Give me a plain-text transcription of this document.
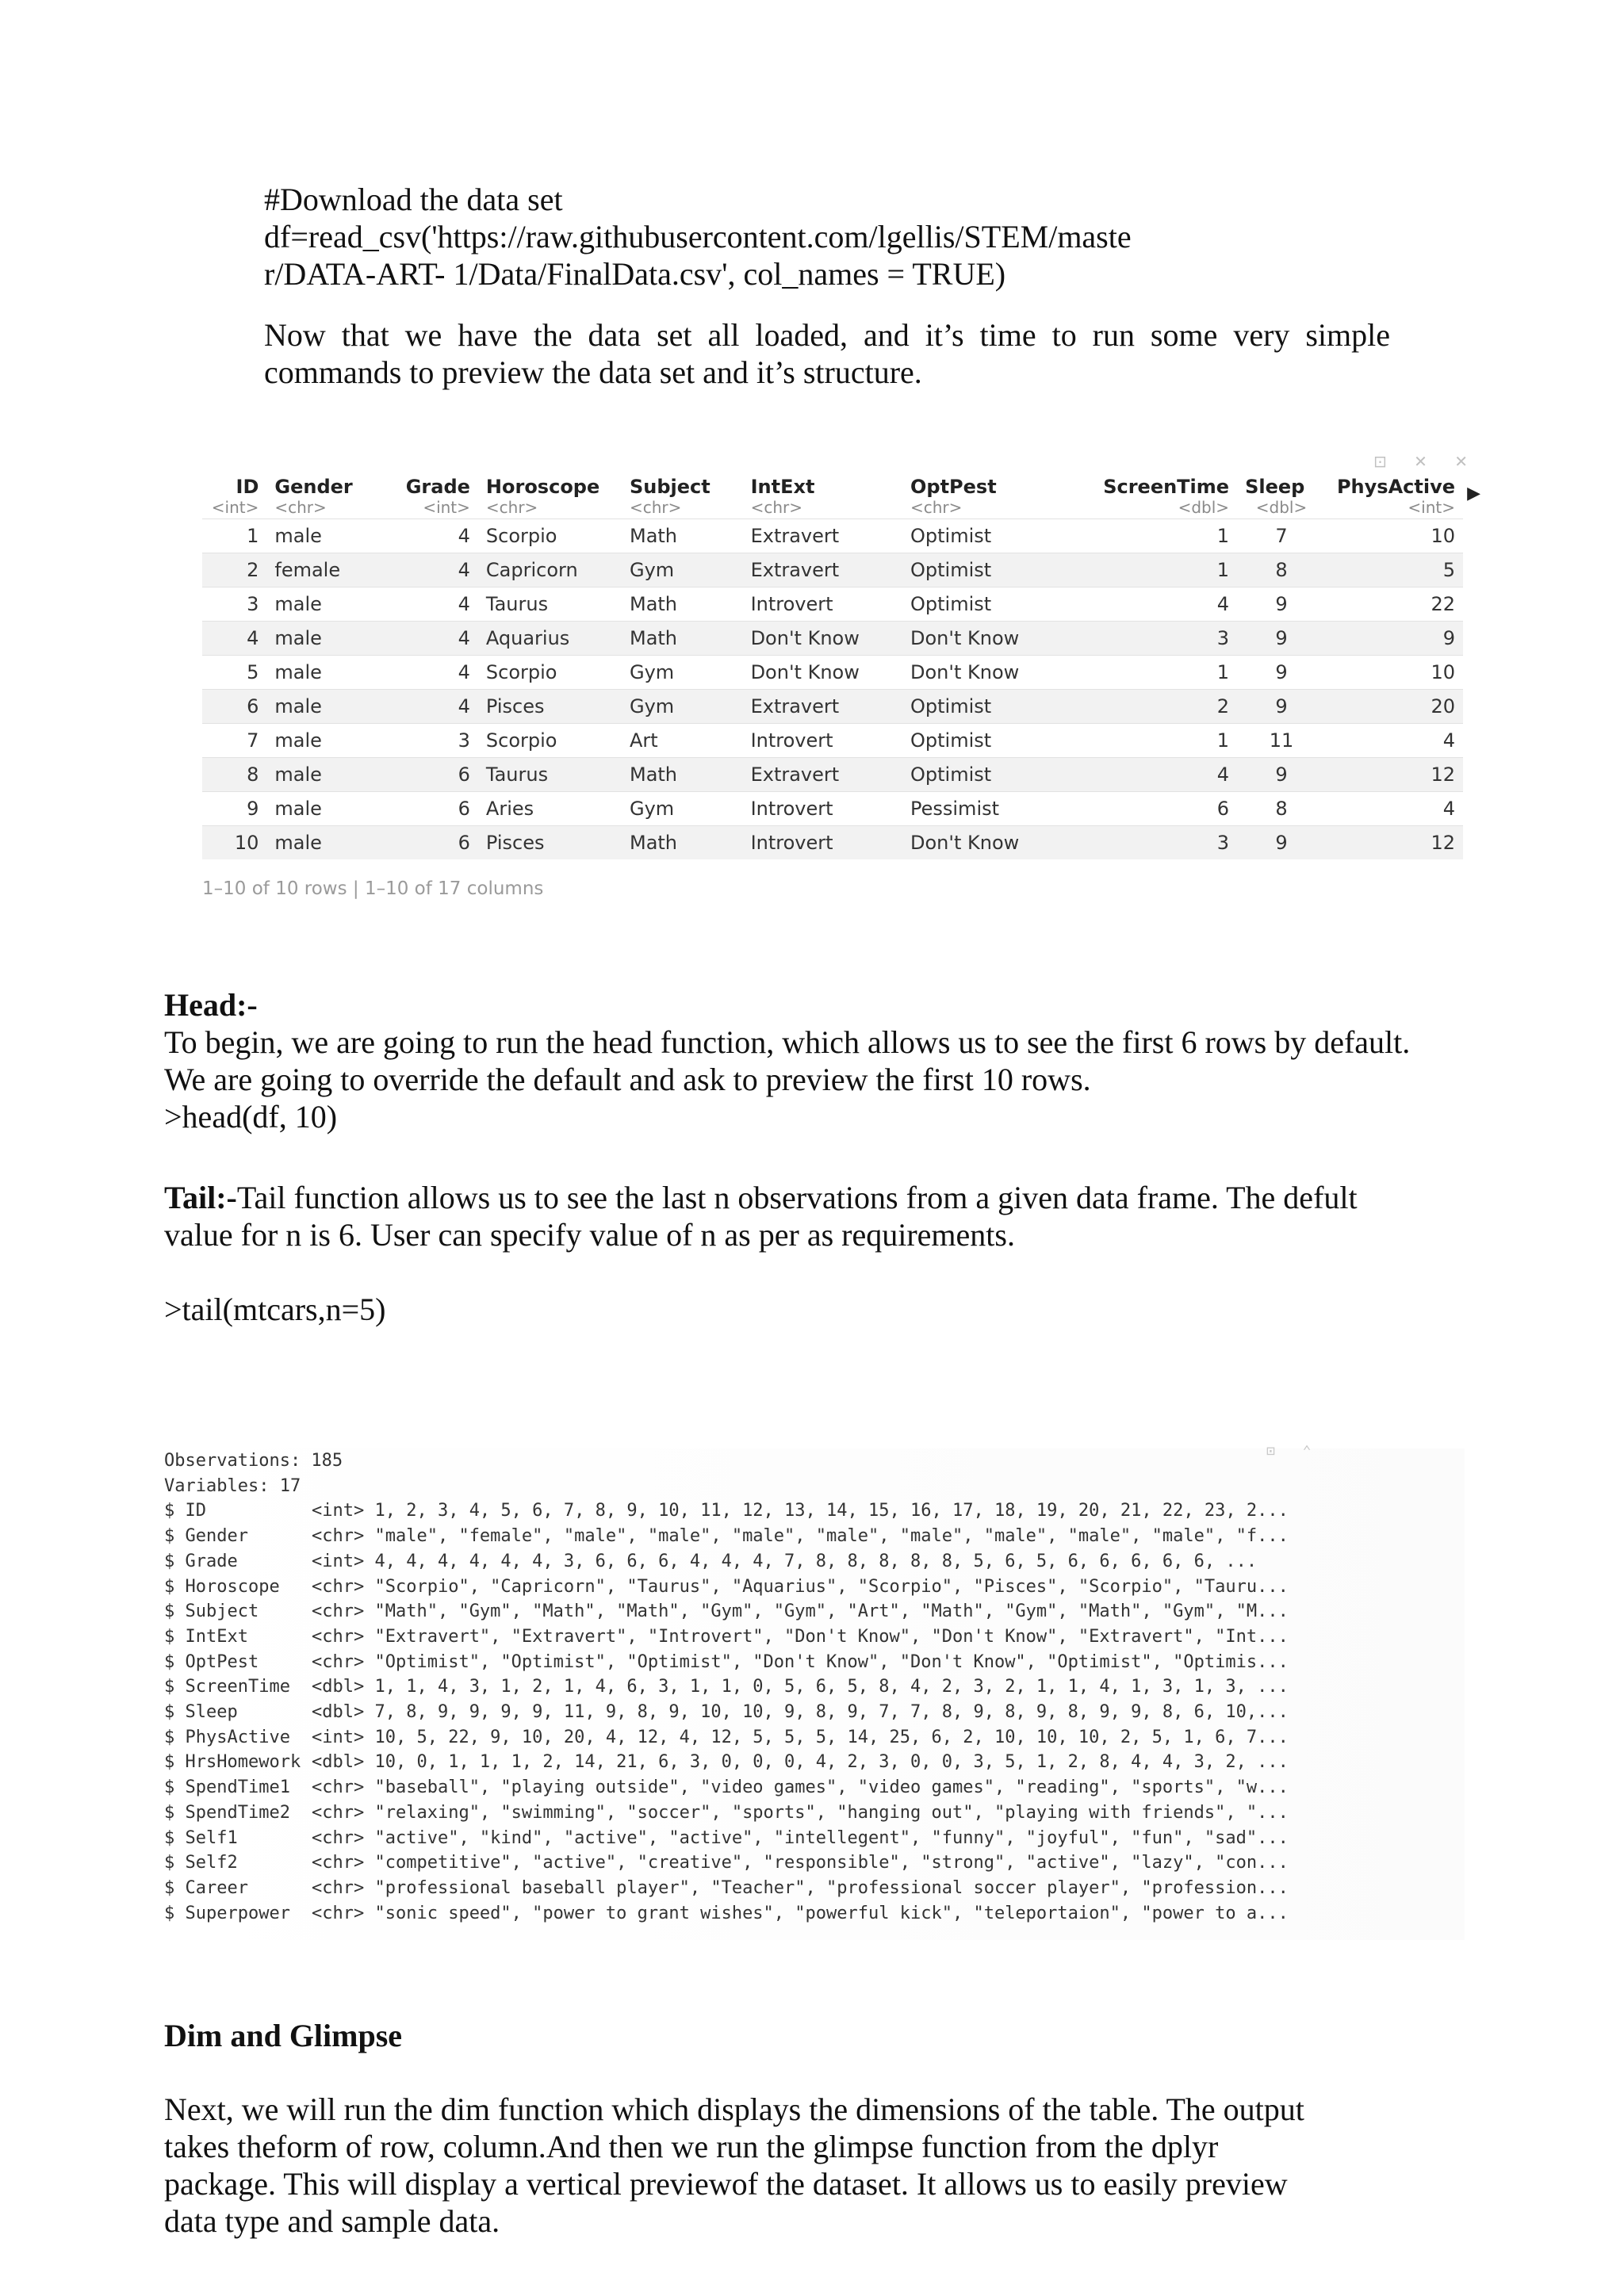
#Download the data set
df=read_csv('https://raw.githubusercontent.com/lgellis/STEM/maste
r/DATA-ART- 1/Data/FinalData.csv', col_names = TRUE)
Now that we have the data set all loaded, and it’s time to run some very simple commands to preview the data set and it’s structure.
⊡ ✕ ✕
ID	Gender	Grade	Horoscope	Subject	IntExt	OptPest	ScreenTime	Sleep	PhysActive
<int>	<chr>	<int>	<chr>	<chr>	<chr>	<chr>	<dbl>	<dbl>	<int>
1	male	4	Scorpio	Math	Extravert	Optimist	1	7	10
2	female	4	Capricorn	Gym	Extravert	Optimist	1	8	5
3	male	4	Taurus	Math	Introvert	Optimist	4	9	22
4	male	4	Aquarius	Math	Don't Know	Don't Know	3	9	9
5	male	4	Scorpio	Gym	Don't Know	Don't Know	1	9	10
6	male	4	Pisces	Gym	Extravert	Optimist	2	9	20
7	male	3	Scorpio	Art	Introvert	Optimist	1	11	4
8	male	6	Taurus	Math	Extravert	Optimist	4	9	12
9	male	6	Aries	Gym	Introvert	Pessimist	6	8	4
10	male	6	Pisces	Math	Introvert	Don't Know	3	9	12
▶
1–10 of 10 rows | 1–10 of 17 columns
Head:-
To begin, we are going to run the head function, which allows us to see the first 6 rows by default.
We are going to override the default and ask to preview the first 10 rows.
>head(df, 10)
Tail:-Tail function allows us to see the last n observations from a given data frame. The defult
value for n is 6. User can specify value of n as per as requirements.
>tail(mtcars,n=5)
⊡ ⌃
Observations: 185
Variables: 17
$ ID	<int> 1, 2, 3, 4, 5, 6, 7, 8, 9, 10, 11, 12, 13, 14, 15, 16, 17, 18, 19, 20, 21, 22, 23, 2...
$ Gender	<chr> "male", "female", "male", "male", "male", "male", "male", "male", "male", "male", "f...
$ Grade	<int> 4, 4, 4, 4, 4, 4, 3, 6, 6, 6, 4, 4, 4, 7, 8, 8, 8, 8, 8, 5, 6, 5, 6, 6, 6, 6, 6, ...
$ Horoscope <chr> "Scorpio", "Capricorn", "Taurus", "Aquarius", "Scorpio", "Pisces", "Scorpio", "Tauru...
$ Subject	<chr> "Math", "Gym", "Math", "Math", "Gym", "Gym", "Art", "Math", "Gym", "Math", "Gym", "M...
$ IntExt	<chr> "Extravert", "Extravert", "Introvert", "Don't Know", "Don't Know", "Extravert", "Int...
$ OptPest	<chr> "Optimist", "Optimist", "Optimist", "Don't Know", "Don't Know", "Optimist", "Optimis...
$ ScreenTime <dbl> 1, 1, 4, 3, 1, 2, 1, 4, 6, 3, 1, 1, 0, 5, 6, 5, 8, 4, 2, 3, 2, 1, 1, 4, 1, 3, 1, 3, ...
$ Sleep	<dbl> 7, 8, 9, 9, 9, 9, 11, 9, 8, 9, 10, 10, 9, 8, 9, 7, 7, 8, 9, 8, 9, 8, 9, 9, 8, 6, 10,...
$ PhysActive <int> 10, 5, 22, 9, 10, 20, 4, 12, 4, 12, 5, 5, 5, 14, 25, 6, 2, 10, 10, 10, 2, 5, 1, 6, 7...
$ HrsHomework <dbl> 10, 0, 1, 1, 1, 2, 14, 21, 6, 3, 0, 0, 0, 4, 2, 3, 0, 0, 3, 5, 1, 2, 8, 4, 4, 3, 2, ...
$ SpendTime1 <chr> "baseball", "playing outside", "video games", "video games", "reading", "sports", "w...
$ SpendTime2 <chr> "relaxing", "swimming", "soccer", "sports", "hanging out", "playing with friends", "...
$ Self1	<chr> "active", "kind", "active", "active", "intellegent", "funny", "joyful", "fun", "sad"...
$ Self2	<chr> "competitive", "active", "creative", "responsible", "strong", "active", "lazy", "con...
$ Career	<chr> "professional baseball player", "Teacher", "professional soccer player", "profession...
$ Superpower <chr> "sonic speed", "power to grant wishes", "powerful kick", "teleportaion", "power to a...
Dim and Glimpse
Next, we will run the dim function which displays the dimensions of the table. The output
takes theform of row, column.And then we run the glimpse function from the dplyr
package. This will display a vertical previewof the dataset. It allows us to easily preview
data type and sample data.
